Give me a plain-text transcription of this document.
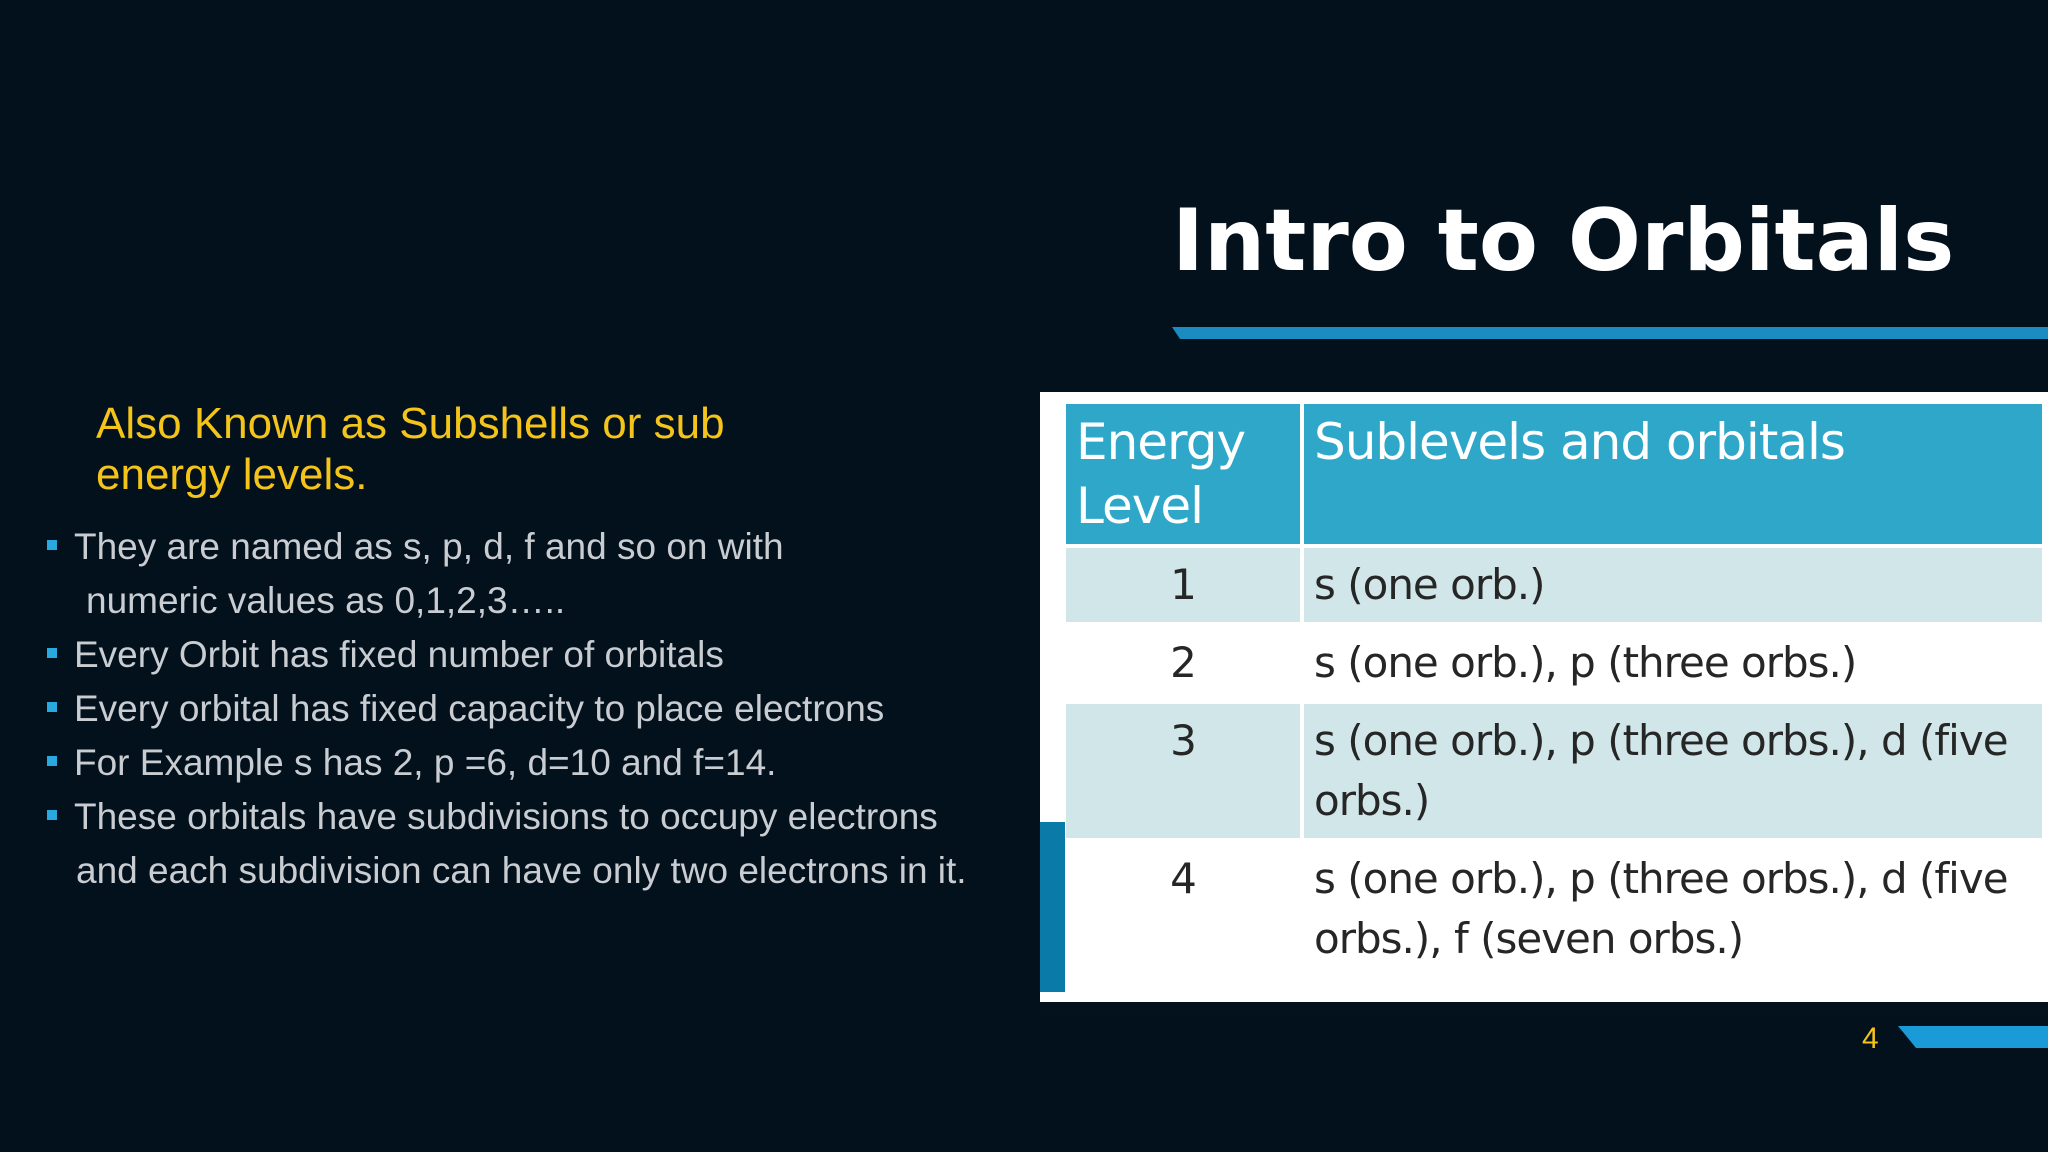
Intro to Orbitals
Also Known as Subshells or sub energy levels.
They are named as s, p, d, f and so on with
numeric values as 0,1,2,3…..
Every Orbit has fixed number of orbitals
Every orbital has fixed capacity to place electrons
For Example s has 2, p =6, d=10 and f=14.
These orbitals have subdivisions to occupy electrons
and each subdivision can have only two electrons in it.
Energy Level	Sublevels and orbitals
1	s (one orb.)
2	s (one orb.), p (three orbs.)
3	s (one orb.), p (three orbs.), d (five orbs.)
4	s (one orb.), p (three orbs.), d (five orbs.), f (seven orbs.)
4
